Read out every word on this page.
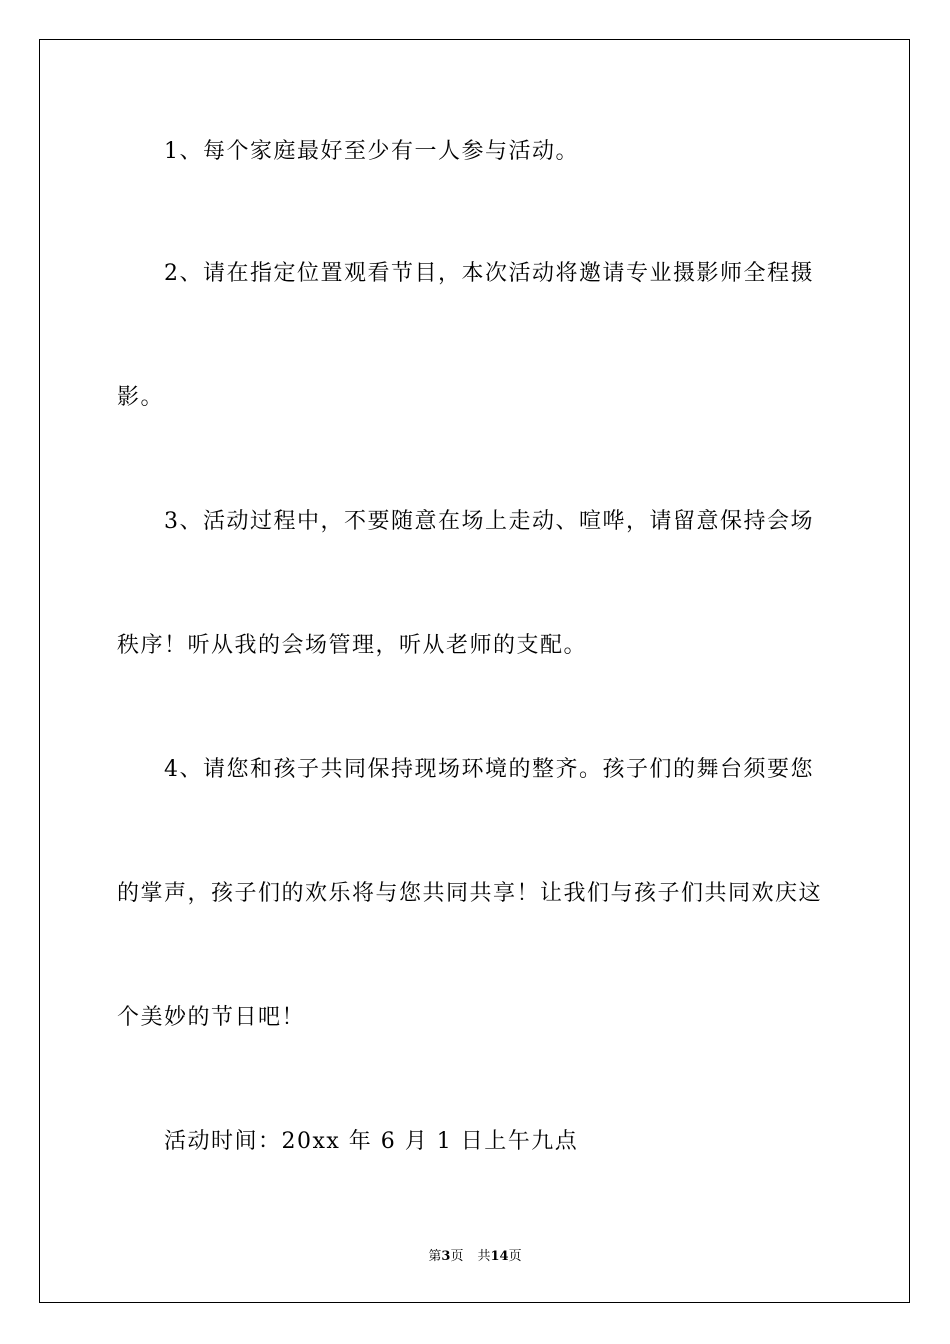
1、每个家庭最好至少有一人参与活动。
2、请在指定位置观看节目，本次活动将邀请专业摄影师全程摄
影。
3、活动过程中，不要随意在场上走动、喧哗，请留意保持会场
秩序！听从我的会场管理，听从老师的支配。
4、请您和孩子共同保持现场环境的整齐。孩子们的舞台须要您
的掌声，孩子们的欢乐将与您共同共享！让我们与孩子们共同欢庆这
个美妙的节日吧！
活动时间：20xx 年 6 月 1 日上午九点
第3页 共14页
